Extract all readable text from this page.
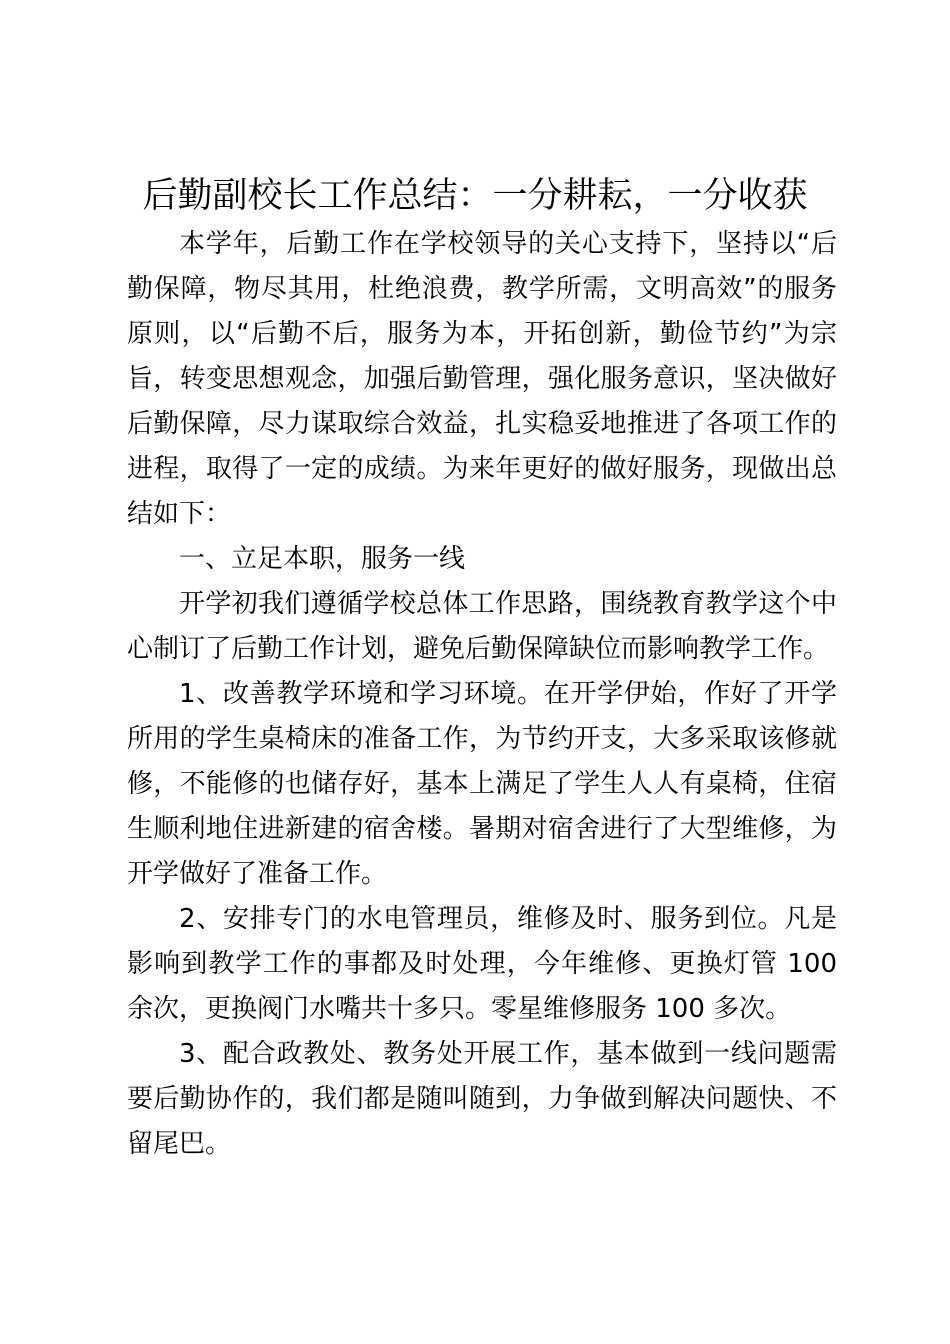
后勤副校长工作总结：一分耕耘，一分收获

本学年，后勤工作在学校领导的关心支持下，坚持以“后勤保障，物尽其用，杜绝浪费，教学所需，文明高效”的服务原则，以“后勤不后，服务为本，开拓创新，勤俭节约”为宗旨，转变思想观念，加强后勤管理，强化服务意识，坚决做好后勤保障，尽力谋取综合效益，扎实稳妥地推进了各项工作的进程，取得了一定的成绩。为来年更好的做好服务，现做出总结如下：

一、立足本职，服务一线

开学初我们遵循学校总体工作思路，围绕教育教学这个中心制订了后勤工作计划，避免后勤保障缺位而影响教学工作。

1、改善教学环境和学习环境。在开学伊始，作好了开学所用的学生桌椅床的准备工作，为节约开支，大多采取该修就修，不能修的也储存好，基本上满足了学生人人有桌椅，住宿生顺利地住进新建的宿舍楼。暑期对宿舍进行了大型维修，为开学做好了准备工作。

2、安排专门的水电管理员，维修及时、服务到位。凡是影响到教学工作的事都及时处理，今年维修、更换灯管 100 余次，更换阀门水嘴共十多只。零星维修服务 100 多次。

3、配合政教处、教务处开展工作，基本做到一线问题需要后勤协作的，我们都是随叫随到，力争做到解决问题快、不留尾巴。
